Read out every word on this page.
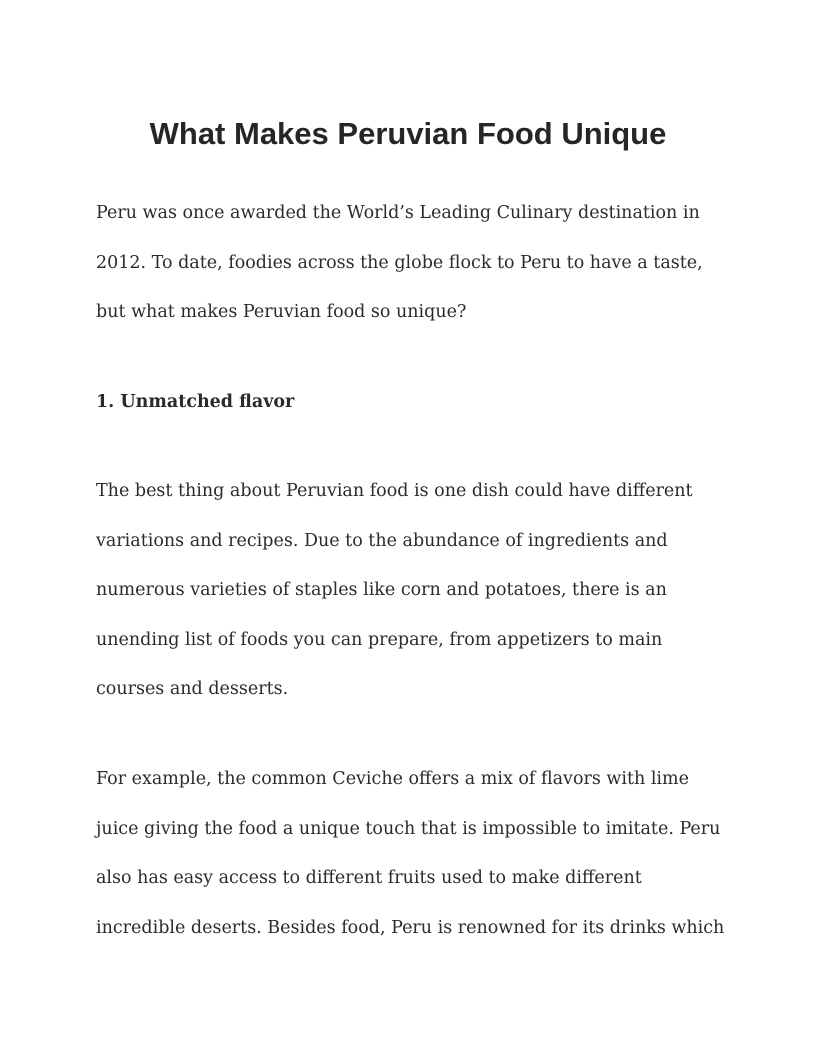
What Makes Peruvian Food Unique

Peru was once awarded the World’s Leading Culinary destination in
2012. To date, foodies across the globe flock to Peru to have a taste,
but what makes Peruvian food so unique?

1. Unmatched flavor

The best thing about Peruvian food is one dish could have different
variations and recipes. Due to the abundance of ingredients and
numerous varieties of staples like corn and potatoes, there is an
unending list of foods you can prepare, from appetizers to main
courses and desserts.

For example, the common Ceviche offers a mix of flavors with lime
juice giving the food a unique touch that is impossible to imitate. Peru
also has easy access to different fruits used to make different
incredible deserts. Besides food, Peru is renowned for its drinks which
